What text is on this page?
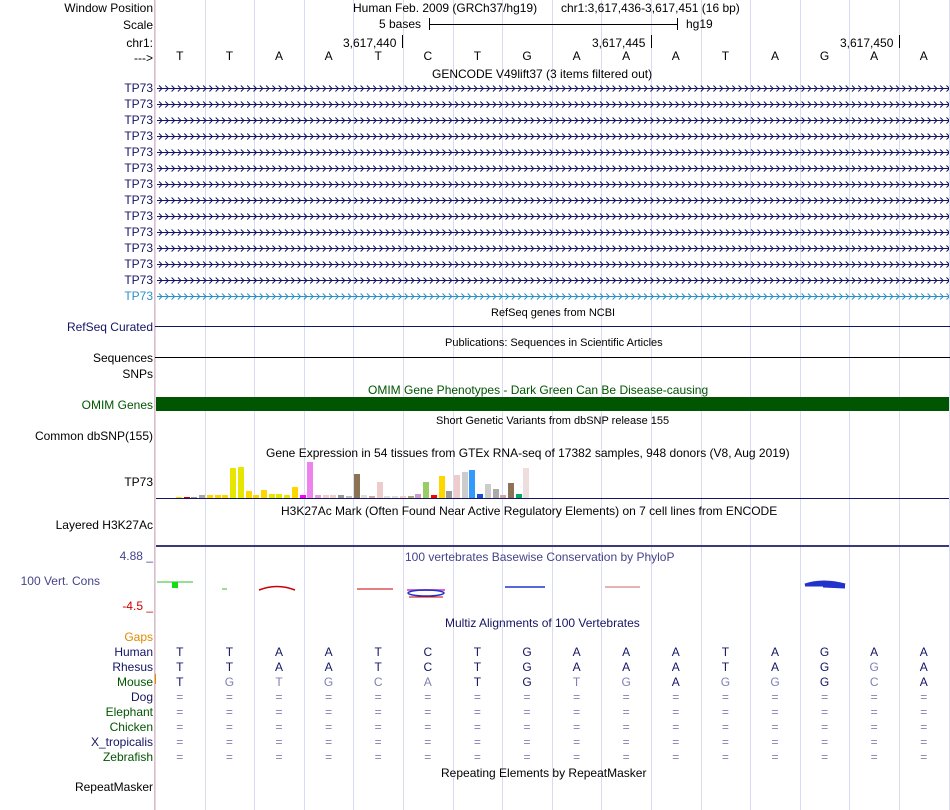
Window Position	Human Feb. 2009 (GRCh37/hg19) chr1:3,617,436-3,617,451 (16 bp)
Scale	5 bases	hg19
chr1:	3,617,440	3,617,445	3,617,450
--->	T	T	A	A	T	C	T	G	A	A	A	T	A	G	A	A
GENCODE V49lift37 (3 items filtered out)
TP73
TP73
TP73
TP73
TP73
TP73
TP73
TP73
TP73
TP73
TP73
TP73
TP73
TP73
RefSeq genes from NCBI
RefSeq Curated
Publications: Sequences in Scientific Articles
Sequences
SNPs
OMIM Gene Phenotypes - Dark Green Can Be Disease-causing
OMIM Genes
Short Genetic Variants from dbSNP release 155
Common dbSNP(155)
Gene Expression in 54 tissues from GTEx RNA-seq of 17382 samples, 948 donors (V8, Aug 2019)
TP73
H3K27Ac Mark (Often Found Near Active Regulatory Elements) on 7 cell lines from ENCODE
Layered H3K27Ac
100 vertebrates Basewise Conservation by PhyloP
4.88 _
100 Vert. Cons
-4.5 _
Multiz Alignments of 100 Vertebrates
Gaps
Human	T	T	A	A	T	C	T	G	A	A	A	T	A	G	A	A
Rhesus	T	T	A	A	T	C	T	G	A	A	A	T	A	G	G	A
Mouse	T	G	T	G	C	A	T	G	T	G	A	G	G	G	C	A
Dog	=	=	=	=	=	=	=	=	=	=	=	=	=	=	=	=
Elephant	=	=	=	=	=	=	=	=	=	=	=	=	=	=	=	=
Chicken	=	=	=	=	=	=	=	=	=	=	=	=	=	=	=	=
X_tropicalis	=	=	=	=	=	=	=	=	=	=	=	=	=	=	=	=
Zebrafish	=	=	=	=	=	=	=	=	=	=	=	=	=	=	=	=
Repeating Elements by RepeatMasker
RepeatMasker
